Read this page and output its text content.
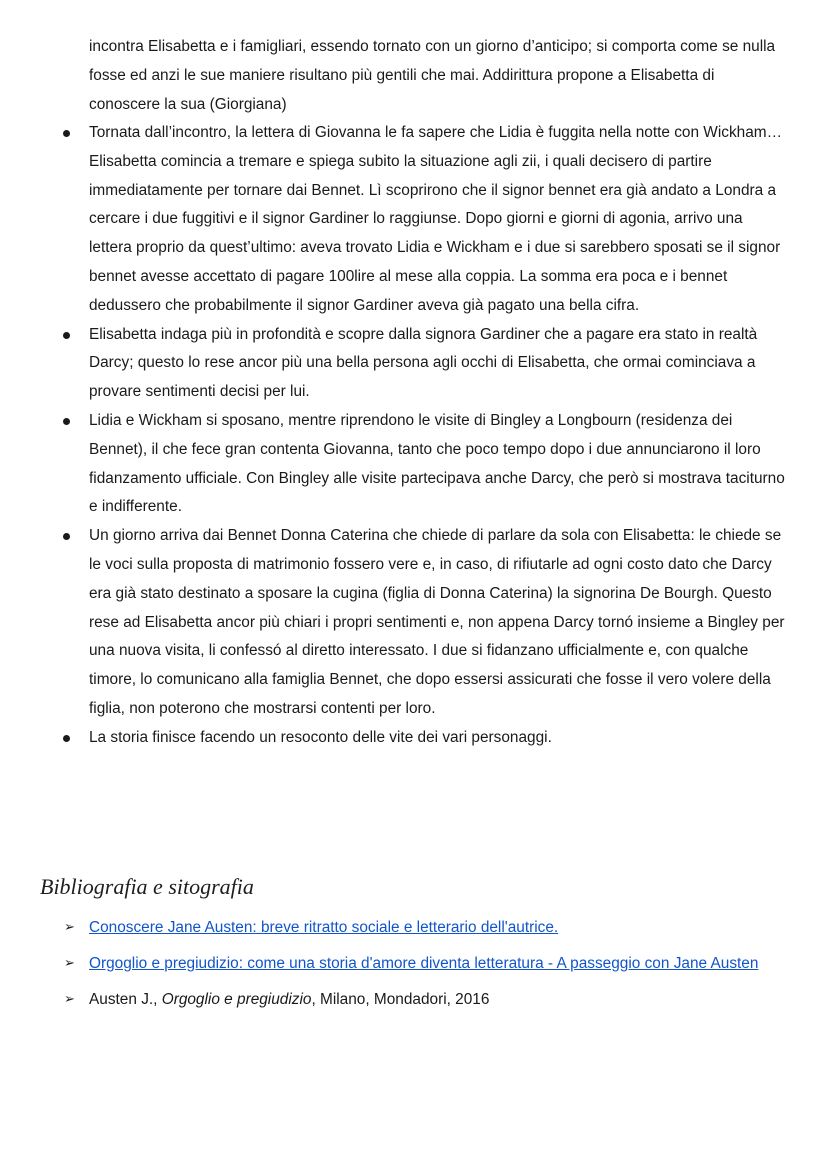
incontra Elisabetta e i famigliari, essendo tornato con un giorno d’anticipo; si comporta come se nulla fosse ed anzi le sue maniere risultano più gentili che mai. Addirittura propone a Elisabetta di conoscere la sua (Giorgiana)
Tornata dall’incontro, la lettera di Giovanna le fa sapere che Lidia è fuggita nella notte con Wickham… Elisabetta comincia a tremare e spiega subito la situazione agli zii, i quali decisero di partire immediatamente per tornare dai Bennet. Lì scoprirono che il signor bennet era già andato a Londra a cercare i due fuggitivi e il signor Gardiner lo raggiunse. Dopo giorni e giorni di agonia, arrivo una lettera proprio da quest’ultimo: aveva trovato Lidia e Wickham e i due si sarebbero sposati se il signor bennet avesse accettato di pagare 100lire al mese alla coppia. La somma era poca e i bennet dedussero che probabilmente il signor Gardiner aveva già pagato una bella cifra.
Elisabetta indaga più in profondità e scopre dalla signora Gardiner che a pagare era stato in realtà Darcy; questo lo rese ancor più una bella persona agli occhi di Elisabetta, che ormai cominciava a provare sentimenti decisi per lui.
Lidia e Wickham si sposano, mentre riprendono le visite di Bingley a Longbourn (residenza dei Bennet), il che fece gran contenta Giovanna, tanto che poco tempo dopo i due annunciarono il loro fidanzamento ufficiale. Con Bingley alle visite partecipava anche Darcy, che però si mostrava taciturno e indifferente.
Un giorno arriva dai Bennet Donna Caterina che chiede di parlare da sola con Elisabetta: le chiede se le voci sulla proposta di matrimonio fossero vere e, in caso, di rifiutarle ad ogni costo dato che Darcy era già stato destinato a sposare la cugina (figlia di Donna Caterina) la signorina De Bourgh. Questo rese ad Elisabetta ancor più chiari i propri sentimenti e, non appena Darcy tornó insieme a Bingley per una nuova visita, li confessó al diretto interessato. I due si fidanzano ufficialmente e, con qualche timore, lo comunicano alla famiglia Bennet, che dopo essersi assicurati che fosse il vero volere della figlia, non poterono che mostrarsi contenti per loro.
La storia finisce facendo un resoconto delle vite dei vari personaggi.
Bibliografia e sitografia
➢ Conoscere Jane Austen: breve ritratto sociale e letterario dell'autrice.
➢ Orgoglio e pregiudizio: come una storia d'amore diventa letteratura - A passeggio con Jane Austen
➢ Austen J., Orgoglio e pregiudizio, Milano, Mondadori, 2016
